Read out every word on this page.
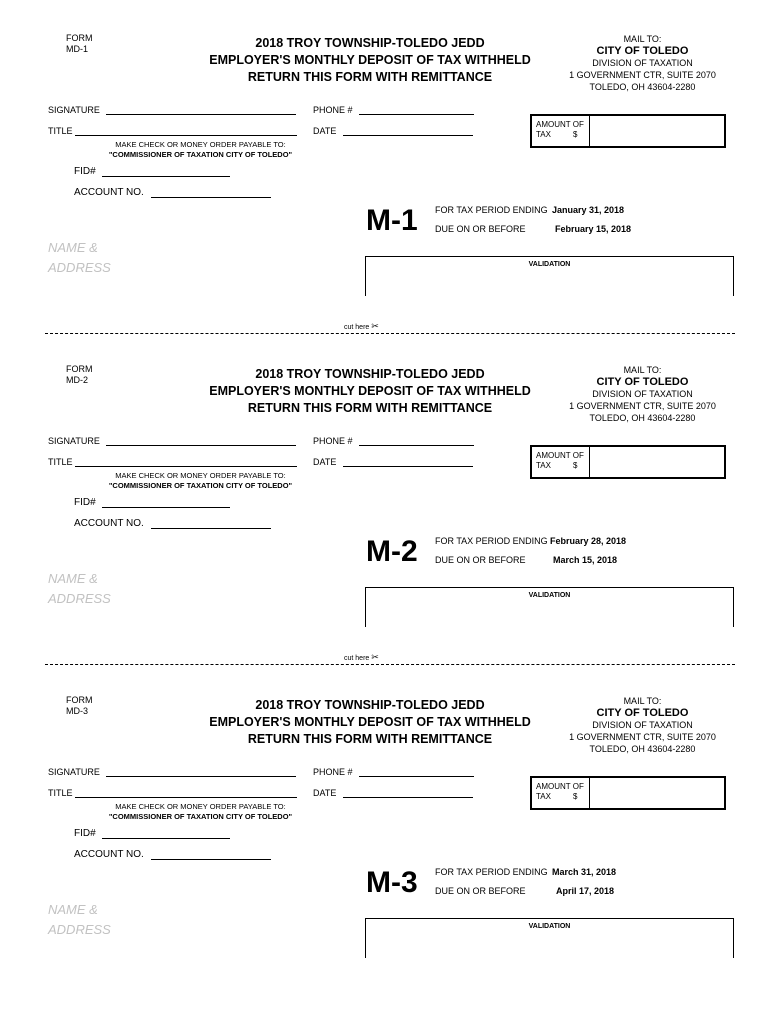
FORM
MD-1	2018 TROY TOWNSHIP-TOLEDO JEDD
EMPLOYER'S MONTHLY DEPOSIT OF TAX WITHHELD
RETURN THIS FORM WITH REMITTANCE
MAIL TO:
CITY OF TOLEDO
DIVISION OF TAXATION
1 GOVERNMENT CTR, SUITE 2070
TOLEDO, OH 43604-2280
SIGNATURE	PHONE #
TITLE	DATE
AMOUNT OF
TAX	$
MAKE CHECK OR MONEY ORDER PAYABLE TO:
"COMMISSIONER OF TAXATION CITY OF TOLEDO"
FID#
ACCOUNT NO.
M-1 FOR TAX PERIOD ENDING January 31, 2018
DUE ON OR BEFORE	February 15, 2018
NAME &
ADDRESS	VALIDATION
cut here ✂
FORM
MD-2	2018 TROY TOWNSHIP-TOLEDO JEDD
EMPLOYER'S MONTHLY DEPOSIT OF TAX WITHHELD
RETURN THIS FORM WITH REMITTANCE
MAIL TO:
CITY OF TOLEDO
DIVISION OF TAXATION
1 GOVERNMENT CTR, SUITE 2070
TOLEDO, OH 43604-2280
SIGNATURE	PHONE #
TITLE	DATE
AMOUNT OF
TAX	$
MAKE CHECK OR MONEY ORDER PAYABLE TO:
"COMMISSIONER OF TAXATION CITY OF TOLEDO"
FID#
ACCOUNT NO.
M-2 FOR TAX PERIOD ENDING February 28, 2018
DUE ON OR BEFORE	March 15, 2018
NAME &
ADDRESS	VALIDATION
cut here ✂
FORM
MD-3	2018 TROY TOWNSHIP-TOLEDO JEDD
EMPLOYER'S MONTHLY DEPOSIT OF TAX WITHHELD
RETURN THIS FORM WITH REMITTANCE
MAIL TO:
CITY OF TOLEDO
DIVISION OF TAXATION
1 GOVERNMENT CTR, SUITE 2070
TOLEDO, OH 43604-2280
SIGNATURE	PHONE #
TITLE	DATE
AMOUNT OF
TAX	$
MAKE CHECK OR MONEY ORDER PAYABLE TO:
"COMMISSIONER OF TAXATION CITY OF TOLEDO"
FID#
ACCOUNT NO.
M-3 FOR TAX PERIOD ENDING March 31, 2018
DUE ON OR BEFORE	April 17, 2018
NAME &
ADDRESS	VALIDATION
